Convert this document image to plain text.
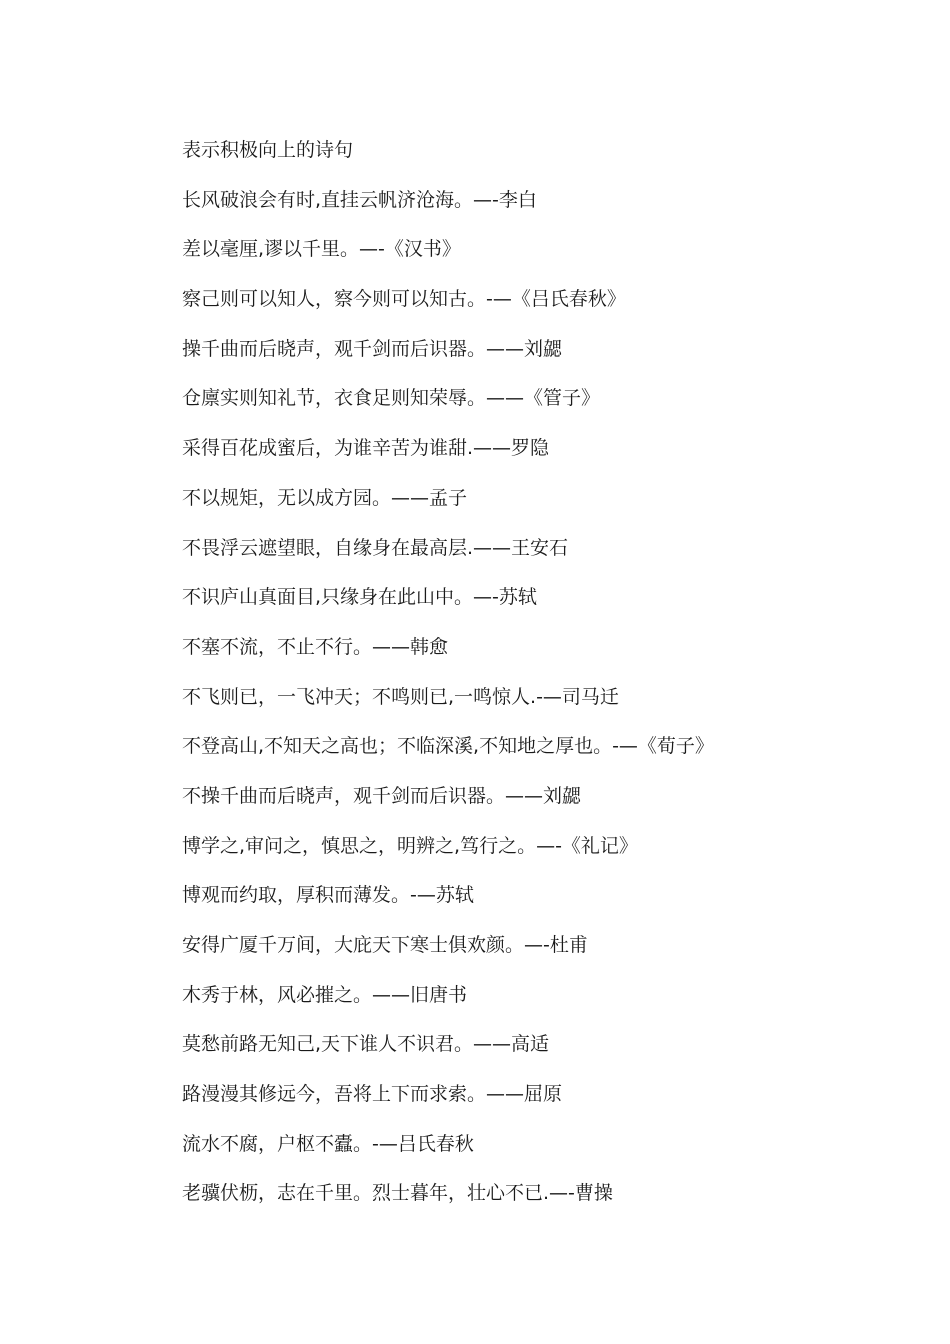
表示积极向上的诗句
长风破浪会有时,直挂云帆济沧海。—-李白
差以毫厘,谬以千里。—-《汉书》
察己则可以知人，察今则可以知古。-—《吕氏春秋》
操千曲而后晓声，观千剑而后识器。——刘勰
仓廪实则知礼节，衣食足则知荣辱。——《管子》
采得百花成蜜后，为谁辛苦为谁甜.——罗隐
不以规矩，无以成方园。——孟子
不畏浮云遮望眼，自缘身在最高层.——王安石
不识庐山真面目,只缘身在此山中。—-苏轼
不塞不流，不止不行。——韩愈
不飞则已，一飞冲天；不鸣则已,一鸣惊人.-—司马迁
不登高山,不知天之高也；不临深溪,不知地之厚也。-—《荀子》
不操千曲而后晓声，观千剑而后识器。——刘勰
博学之,审问之，慎思之，明辨之,笃行之。—-《礼记》
博观而约取，厚积而薄发。-—苏轼
安得广厦千万间，大庇天下寒士俱欢颜。—-杜甫
木秀于林，风必摧之。——旧唐书
莫愁前路无知己,天下谁人不识君。——高适
路漫漫其修远今，吾将上下而求索。——屈原
流水不腐，户枢不蠹。-—吕氏春秋
老骥伏枥，志在千里。烈士暮年，壮心不已.—-曹操
